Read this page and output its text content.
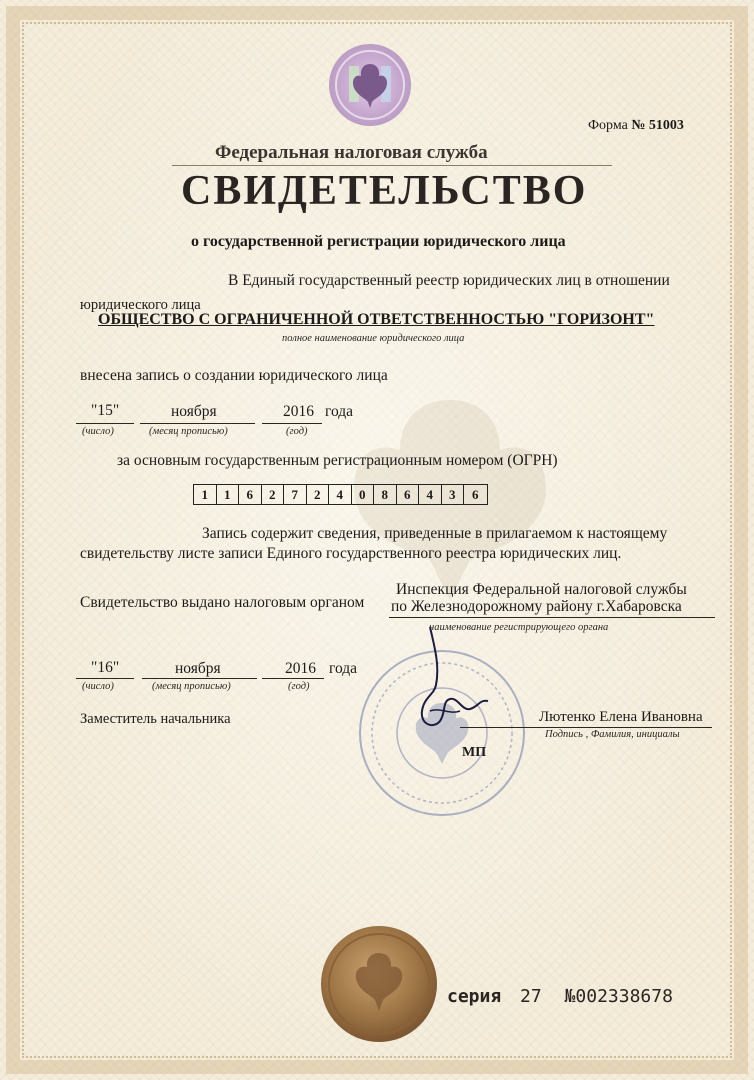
Форма № 51003
Федеральная налоговая служба
СВИДЕТЕЛЬСТВО
о государственной регистрации юридического лица
В Единый государственный реестр юридических лиц в отношении
юридического лица
ОБЩЕСТВО С ОГРАНИЧЕННОЙ ОТВЕТСТВЕННОСТЬЮ "ГОРИЗОНТ"
полное наименование юридического лица
внесена запись о создании юридического лица
"15"
(число)
ноября
(месяц прописью)
2016
(год)
года
за основным государственным регистрационным номером (ОГРН)
1	1	6	2	7	2	4	0	8	6	4	3	6
Запись содержит сведения, приведенные в прилагаемом к настоящему
свидетельству листе записи Единого государственного реестра юридических лиц.
Свидетельство выдано налоговым органом
Инспекция Федеральной налоговой службы
по Железнодорожному району г.Хабаровска
наименование регистрирующего органа
"16"
(число)
ноября
(месяц прописью)
2016
(год)
года
Заместитель начальника	Лютенко Елена Ивановна
Подпись , Фамилия, инициалы
МП
серия 27 №002338678
